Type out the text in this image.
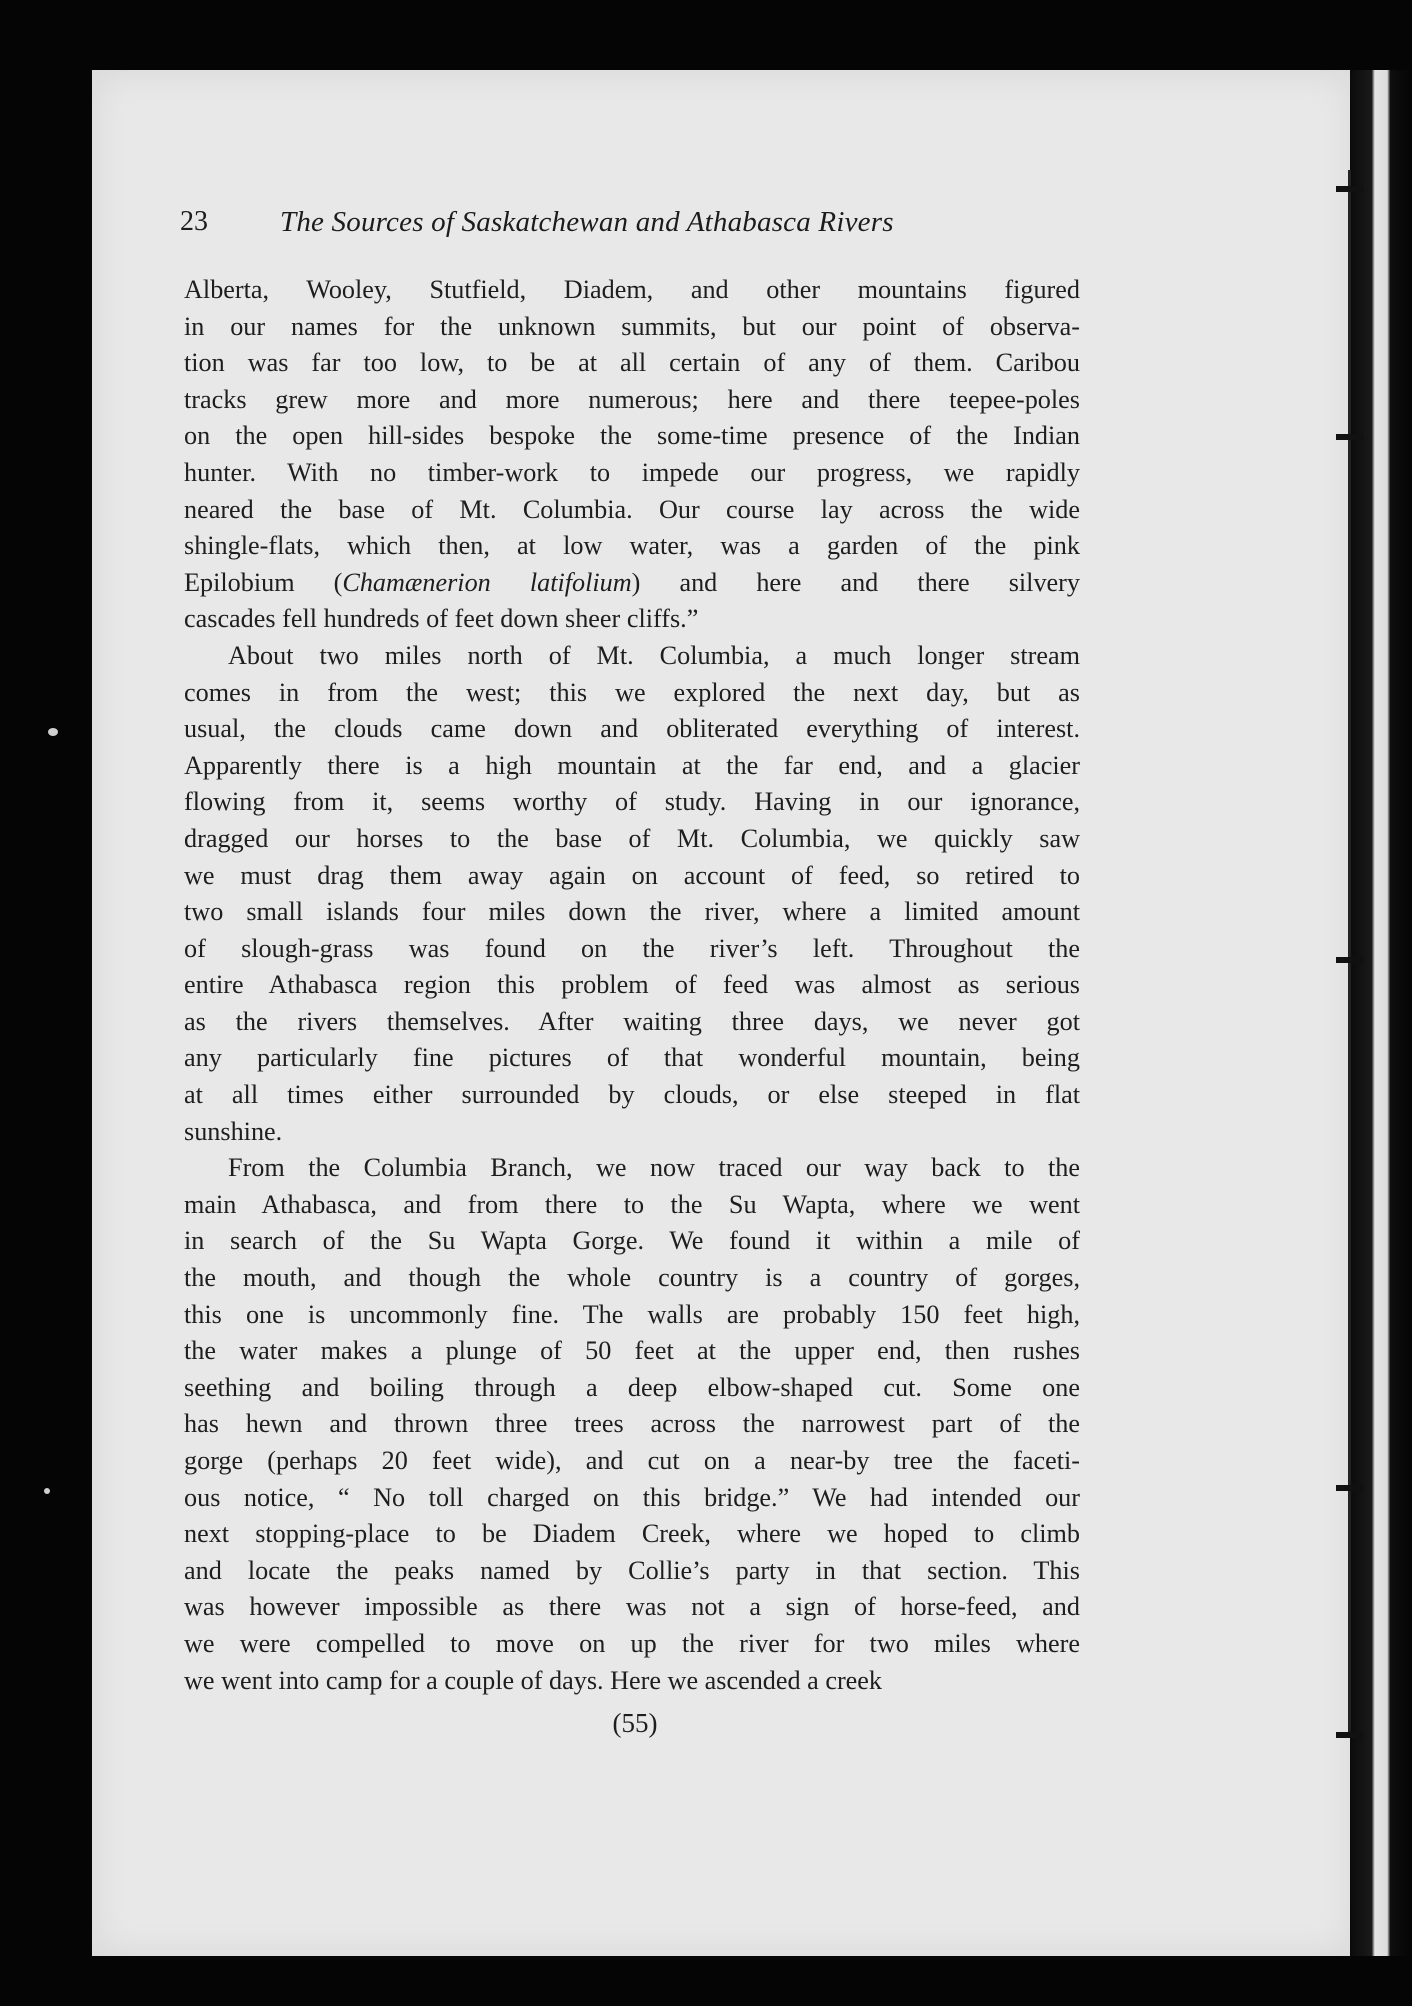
23 The Sources of Saskatchewan and Athabasca Rivers
Alberta, Wooley, Stutfield, Diadem, and other mountains figured
in our names for the unknown summits, but our point of observa-
tion was far too low, to be at all certain of any of them. Caribou
tracks grew more and more numerous; here and there teepee-poles
on the open hill-sides bespoke the some-time presence of the Indian
hunter. With no timber-work to impede our progress, we rapidly
neared the base of Mt. Columbia. Our course lay across the wide
shingle-flats, which then, at low water, was a garden of the pink
Epilobium (Chamænerion latifolium) and here and there silvery
cascades fell hundreds of feet down sheer cliffs.”
About two miles north of Mt. Columbia, a much longer stream
comes in from the west; this we explored the next day, but as
usual, the clouds came down and obliterated everything of interest.
Apparently there is a high mountain at the far end, and a glacier
flowing from it, seems worthy of study. Having in our ignorance,
dragged our horses to the base of Mt. Columbia, we quickly saw
we must drag them away again on account of feed, so retired to
two small islands four miles down the river, where a limited amount
of slough-grass was found on the river’s left. Throughout the
entire Athabasca region this problem of feed was almost as serious
as the rivers themselves. After waiting three days, we never got
any particularly fine pictures of that wonderful mountain, being
at all times either surrounded by clouds, or else steeped in flat
sunshine.
From the Columbia Branch, we now traced our way back to the
main Athabasca, and from there to the Su Wapta, where we went
in search of the Su Wapta Gorge. We found it within a mile of
the mouth, and though the whole country is a country of gorges,
this one is uncommonly fine. The walls are probably 150 feet high,
the water makes a plunge of 50 feet at the upper end, then rushes
seething and boiling through a deep elbow-shaped cut. Some one
has hewn and thrown three trees across the narrowest part of the
gorge (perhaps 20 feet wide), and cut on a near-by tree the faceti-
ous notice, “ No toll charged on this bridge.” We had intended our
next stopping-place to be Diadem Creek, where we hoped to climb
and locate the peaks named by Collie’s party in that section. This
was however impossible as there was not a sign of horse-feed, and
we were compelled to move on up the river for two miles where
we went into camp for a couple of days. Here we ascended a creek
(55)
